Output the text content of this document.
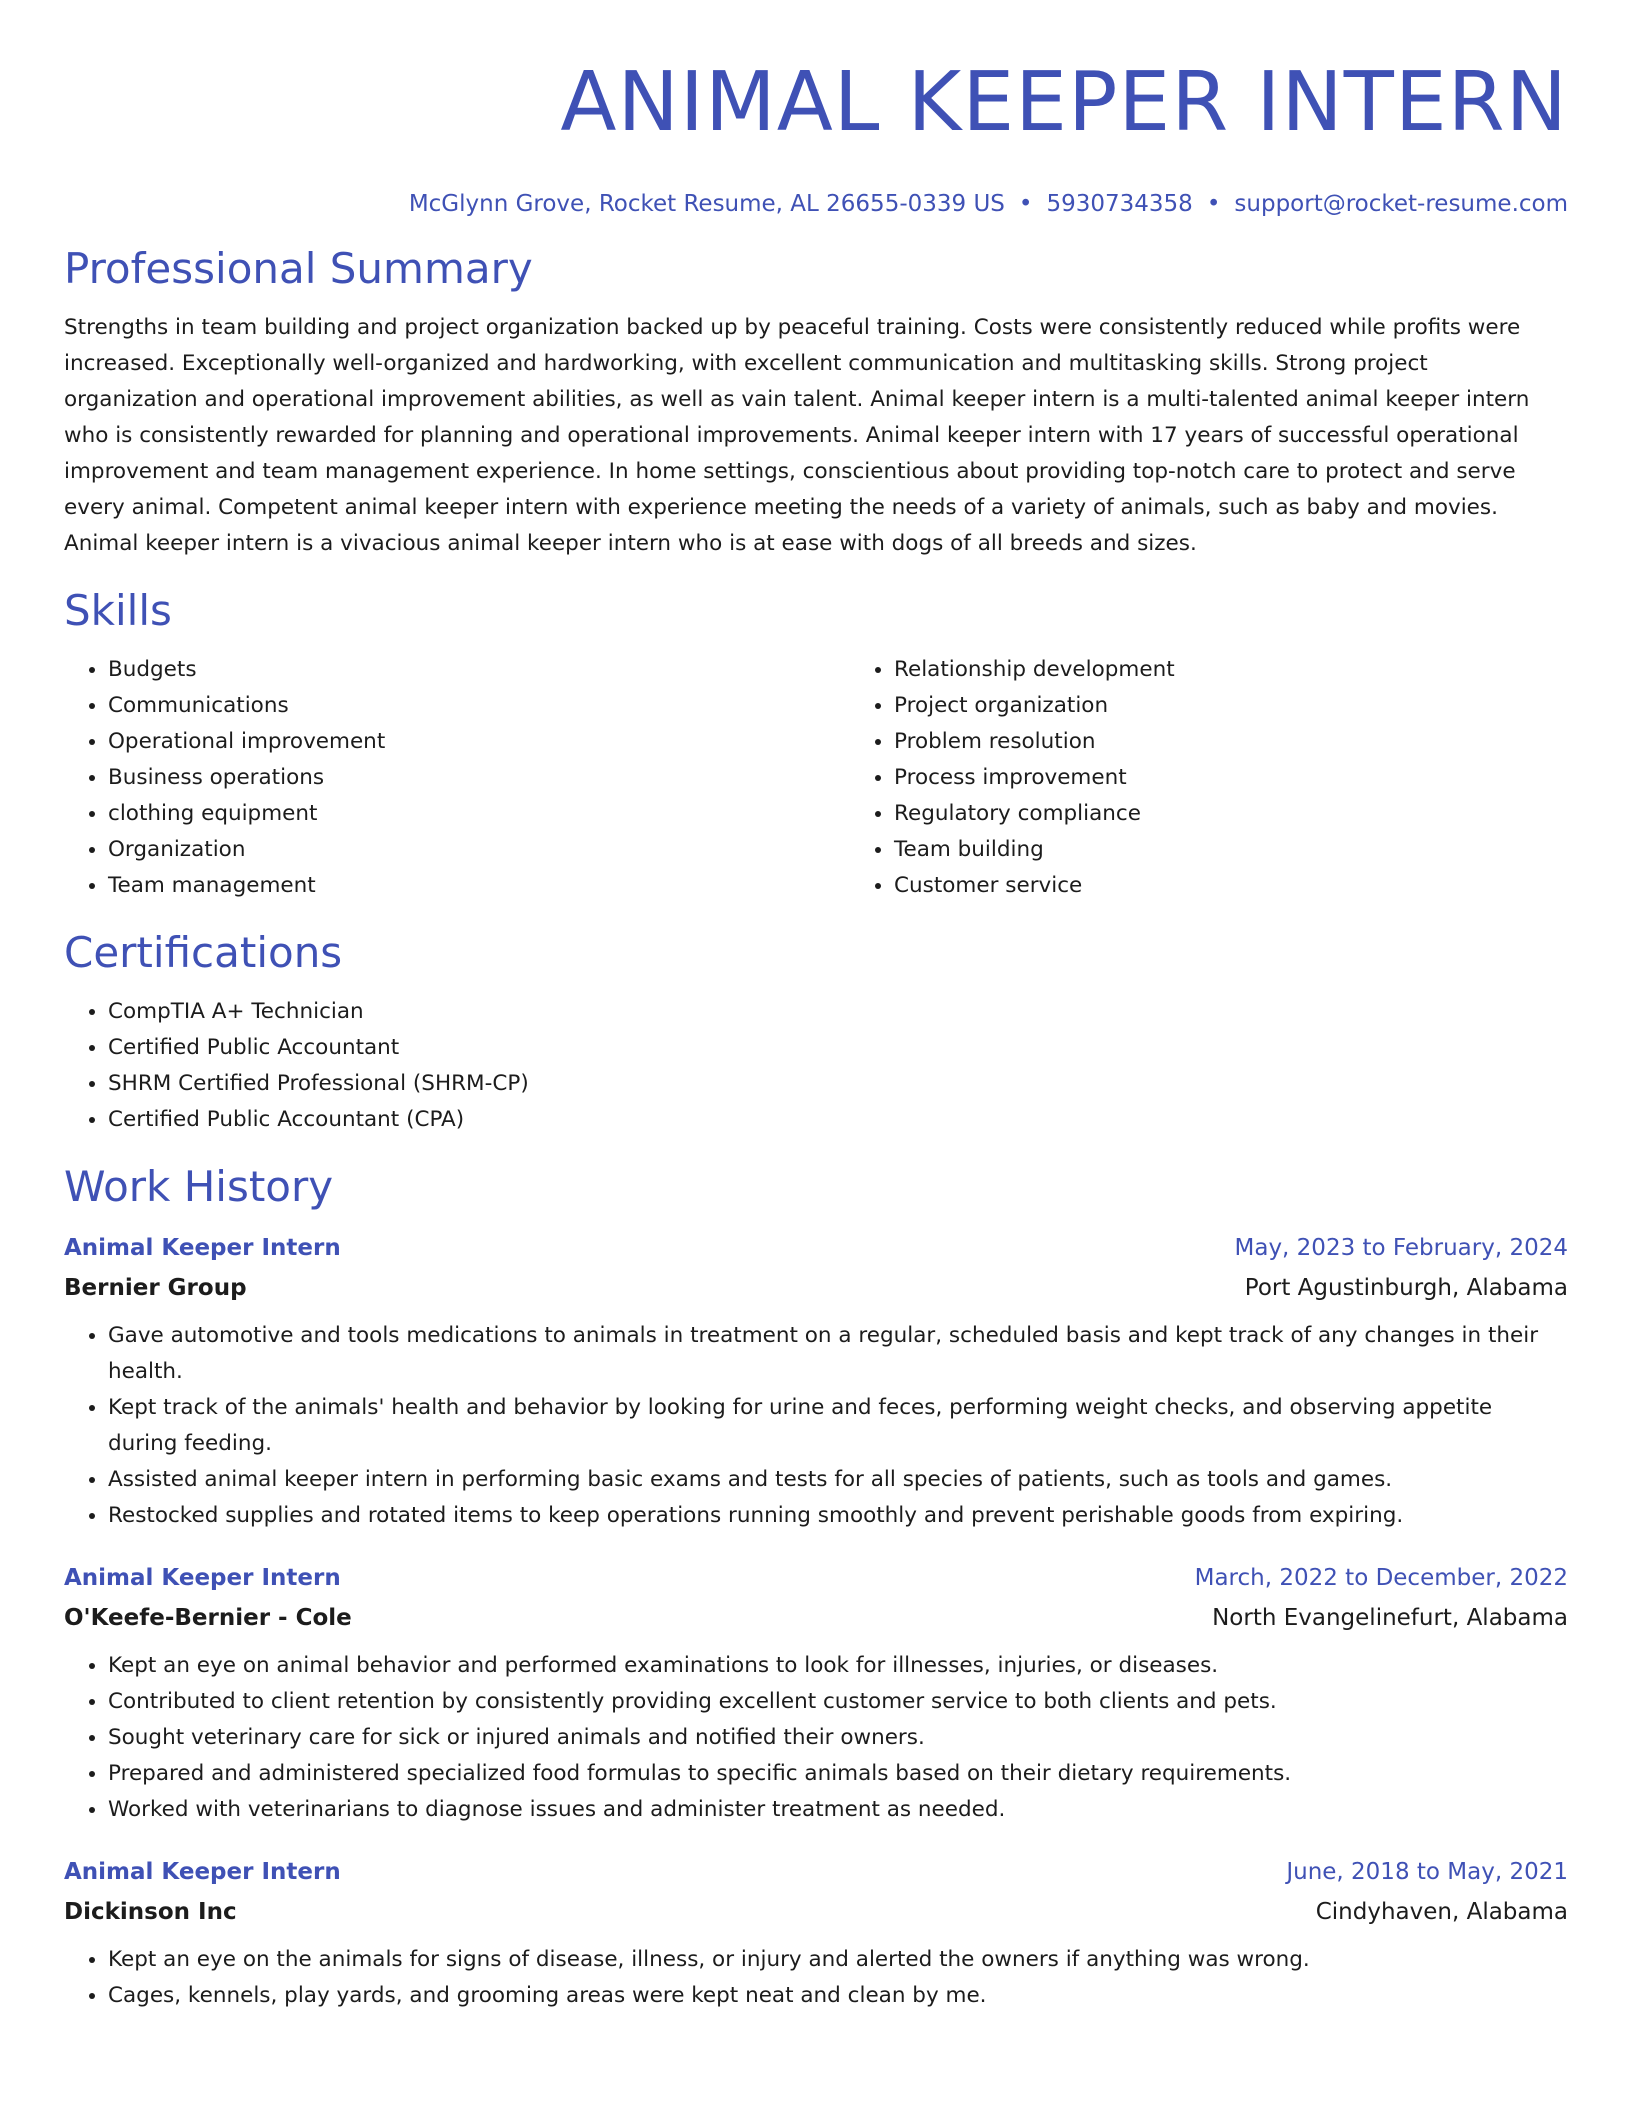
ANIMAL KEEPER INTERN
McGlynn Grove, Rocket Resume, AL 26655-0339 US • 5930734358 • support@rocket-resume.com
Professional Summary

Strengths in team building and project organization backed up by peaceful training. Costs were consistently reduced while profits were increased. Exceptionally well-organized and hardworking, with excellent communication and multitasking skills. Strong project organization and operational improvement abilities, as well as vain talent. Animal keeper intern is a multi-talented animal keeper intern who is consistently rewarded for planning and operational improvements. Animal keeper intern with 17 years of successful operational improvement and team management experience. In home settings, conscientious about providing top-notch care to protect and serve every animal. Competent animal keeper intern with experience meeting the needs of a variety of animals, such as baby and movies. Animal keeper intern is a vivacious animal keeper intern who is at ease with dogs of all breeds and sizes.

Skills
• Budgets
• Communications
• Operational improvement
• Business operations
• clothing equipment
• Organization
• Team management
• Relationship development
• Project organization
• Problem resolution
• Process improvement
• Regulatory compliance
• Team building
• Customer service
Certifications
• CompTIA A+ Technician
• Certified Public Accountant
• SHRM Certified Professional (SHRM-CP)
• Certified Public Accountant (CPA)
Work History
Animal Keeper Intern	May, 2023 to February, 2024
Bernier Group	Port Agustinburgh, Alabama
• Gave automotive and tools medications to animals in treatment on a regular, scheduled basis and kept track of any changes in their health.
• Kept track of the animals' health and behavior by looking for urine and feces, performing weight checks, and observing appetite during feeding.
• Assisted animal keeper intern in performing basic exams and tests for all species of patients, such as tools and games.
• Restocked supplies and rotated items to keep operations running smoothly and prevent perishable goods from expiring.
Animal Keeper Intern	March, 2022 to December, 2022
O'Keefe-Bernier - Cole	North Evangelinefurt, Alabama
• Kept an eye on animal behavior and performed examinations to look for illnesses, injuries, or diseases.
• Contributed to client retention by consistently providing excellent customer service to both clients and pets.
• Sought veterinary care for sick or injured animals and notified their owners.
• Prepared and administered specialized food formulas to specific animals based on their dietary requirements.
• Worked with veterinarians to diagnose issues and administer treatment as needed.
Animal Keeper Intern	June, 2018 to May, 2021
Dickinson Inc	Cindyhaven, Alabama
• Kept an eye on the animals for signs of disease, illness, or injury and alerted the owners if anything was wrong.
• Cages, kennels, play yards, and grooming areas were kept neat and clean by me.
